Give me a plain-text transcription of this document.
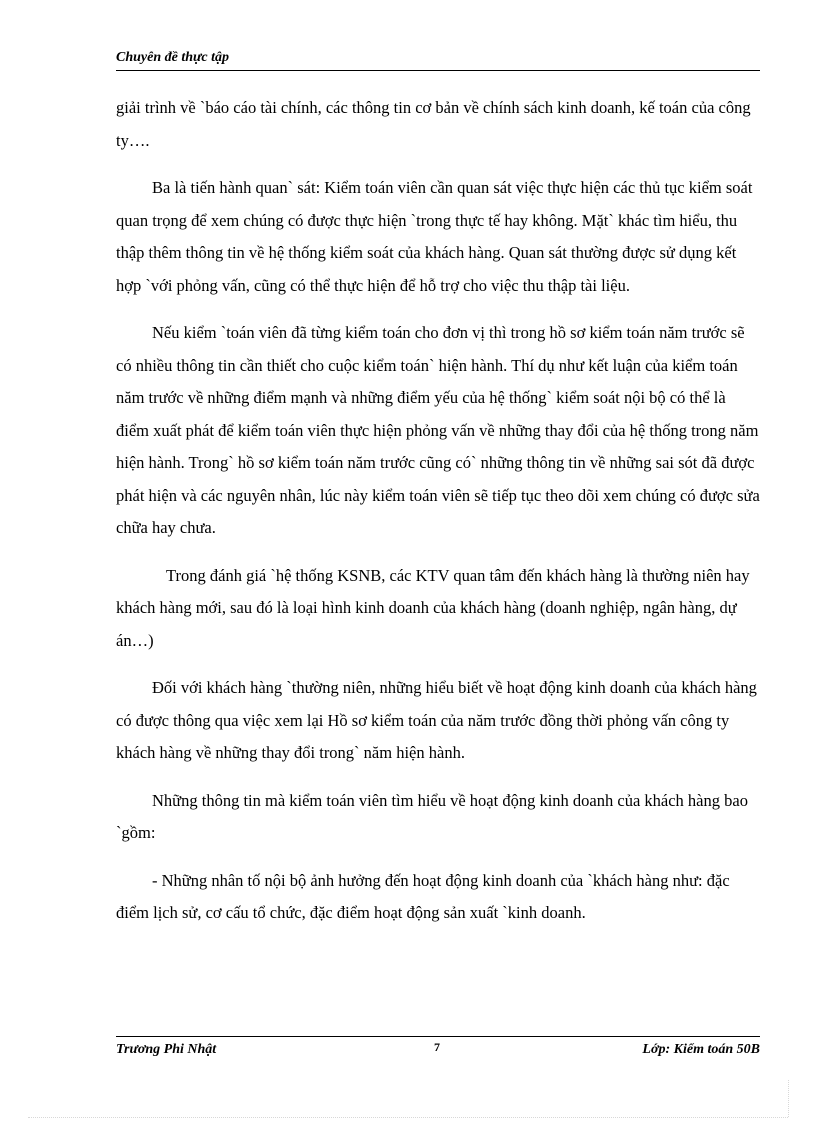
Chuyên đề thực tập

giải trình về `báo cáo tài chính, các thông tin cơ bản về chính sách kinh doanh, kế toán của công ty….

Ba là tiến hành quan` sát: Kiểm toán viên cần quan sát việc thực hiện các thủ tục kiểm soát quan trọng để xem chúng có được thực hiện `trong thực tế hay không. Mặt` khác tìm hiểu, thu thập thêm thông tin về hệ thống kiểm soát của khách hàng. Quan sát thường được sử dụng kết hợp `với phỏng vấn, cũng có thể thực hiện để hỗ trợ cho việc thu thập tài liệu.

Nếu kiểm `toán viên đã từng kiểm toán cho đơn vị thì trong hồ sơ kiểm toán năm trước sẽ có nhiều thông tin cần thiết cho cuộc kiểm toán` hiện hành. Thí dụ như kết luận của kiểm toán năm trước về những điểm mạnh và những điểm yếu của hệ thống` kiểm soát nội bộ có thể là điểm xuất phát để kiểm toán viên thực hiện phỏng vấn về những thay đổi của hệ thống trong năm hiện hành. Trong` hồ sơ kiểm toán năm trước cũng có` những thông tin về những sai sót đã được phát hiện và các nguyên nhân, lúc này kiểm toán viên sẽ tiếp tục theo dõi xem chúng có được sửa chữa hay chưa.

Trong đánh giá `hệ thống KSNB, các KTV quan tâm đến khách hàng là thường niên hay khách hàng mới, sau đó là loại hình kinh doanh của khách hàng (doanh nghiệp, ngân hàng, dự án…)

Đối với khách hàng `thường niên, những hiểu biết về hoạt động kinh doanh của khách hàng có được thông qua việc xem lại Hồ sơ kiểm toán của năm trước đồng thời phỏng vấn công ty khách hàng về những thay đổi trong` năm hiện hành.

Những thông tin mà kiểm toán viên tìm hiểu về hoạt động kinh doanh của khách hàng bao `gồm:

- Những nhân tố nội bộ ảnh hưởng đến hoạt động kinh doanh của `khách hàng như: đặc điểm lịch sử, cơ cấu tổ chức, đặc điểm hoạt động sản xuất `kinh doanh.

Trương Phi Nhật	7	Lớp: Kiểm toán 50B
